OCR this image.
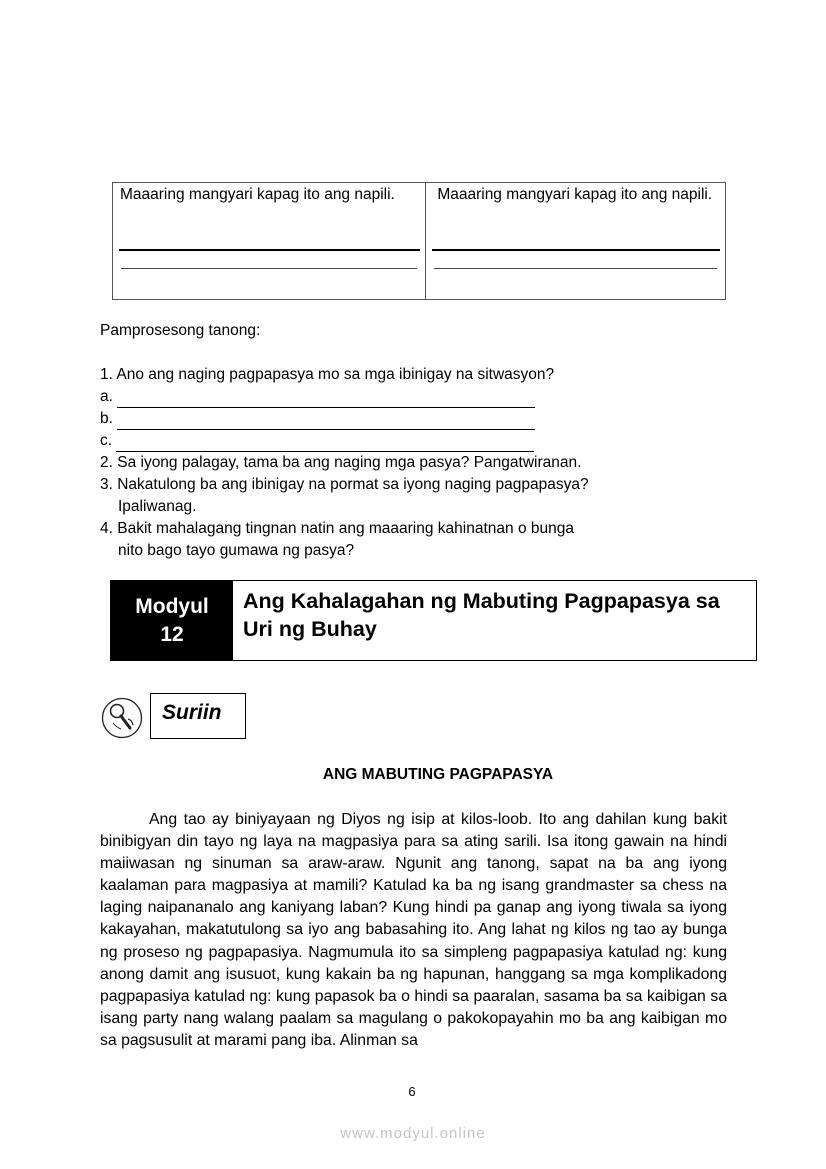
Maaaring mangyari kapag ito ang napili.	Maaaring mangyari kapag ito ang napili.
Pamprosesong tanong:
1. Ano ang naging pagpapasya mo sa mga ibinigay na sitwasyon?
a.
b.
c.
2. Sa iyong palagay, tama ba ang naging mga pasya? Pangatwiranan.
3. Nakatulong ba ang ibinigay na pormat sa iyong naging pagpapasya?
Ipaliwanag.
4. Bakit mahalagang tingnan natin ang maaaring kahinatnan o bunga
nito bago tayo gumawa ng pasya?
Modyul
12
Ang Kahalagahan ng Mabuting Pagpapasya sa
Uri ng Buhay
Suriin
ANG MABUTING PAGPAPASYA
Ang tao ay biniyayaan ng Diyos ng isip at kilos-loob. Ito ang dahilan kung bakit binibigyan din tayo ng laya na magpasiya para sa ating sarili. Isa itong gawain na hindi maiiwasan ng sinuman sa araw-araw. Ngunit ang tanong, sapat na ba ang iyong kaalaman para magpasiya at mamili? Katulad ka ba ng isang grandmaster sa chess na laging naipananalo ang kaniyang laban? Kung hindi pa ganap ang iyong tiwala sa iyong kakayahan, makatutulong sa iyo ang babasahing ito. Ang lahat ng kilos ng tao ay bunga ng proseso ng pagpapasiya. Nagmumula ito sa simpleng pagpapasiya katulad ng: kung anong damit ang isusuot, kung kakain ba ng hapunan, hanggang sa mga komplikadong pagpapasiya katulad ng: kung papasok ba o hindi sa paaralan, sasama ba sa kaibigan sa isang party nang walang paalam sa magulang o pakokopayahin mo ba ang kaibigan mo sa pagsusulit at marami pang iba. Alinman sa
6
www.modyul.online
